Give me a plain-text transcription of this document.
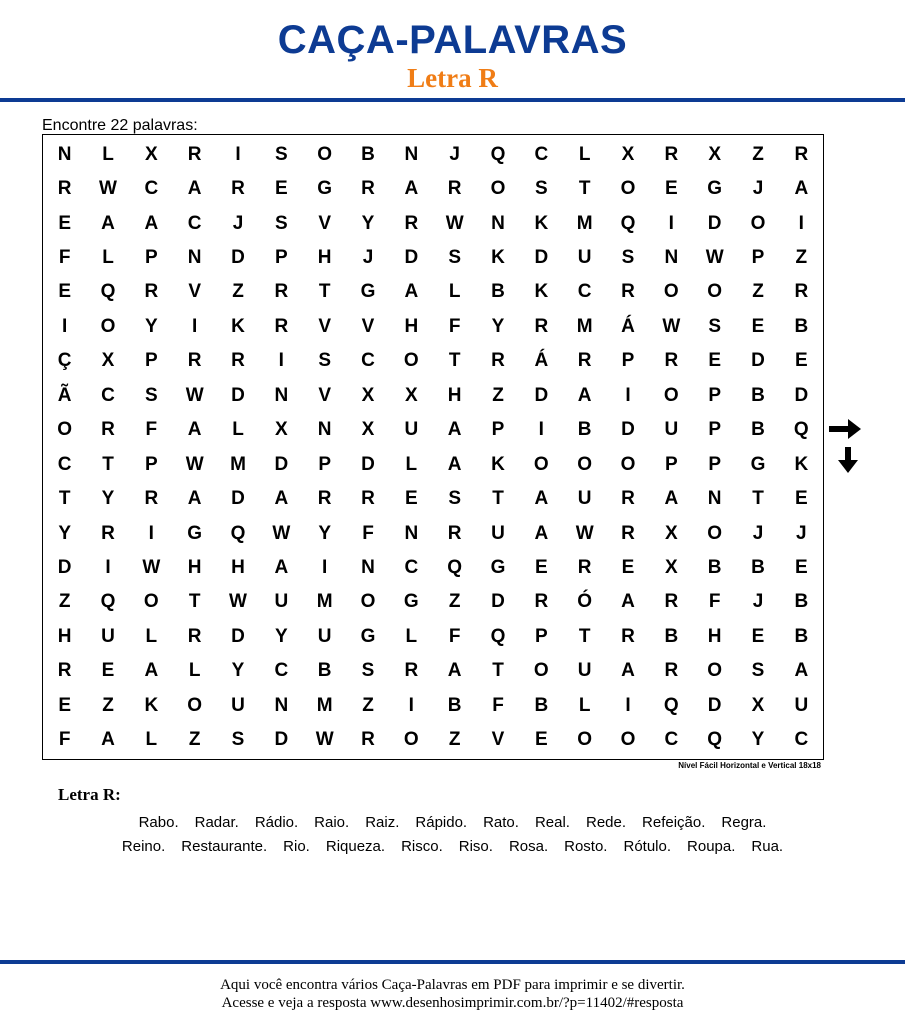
CAÇA-PALAVRAS
Letra R
Encontre 22 palavras:
N	L	X	R	I	S	O	B	N	J	Q	C	L	X	R	X	Z	R
R	W	C	A	R	E	G	R	A	R	O	S	T	O	E	G	J	A
E	A	A	C	J	S	V	Y	R	W	N	K	M	Q	I	D	O	I
F	L	P	N	D	P	H	J	D	S	K	D	U	S	N	W	P	Z
E	Q	R	V	Z	R	T	G	A	L	B	K	C	R	O	O	Z	R
I	O	Y	I	K	R	V	V	H	F	Y	R	M	Á	W	S	E	B
Ç	X	P	R	R	I	S	C	O	T	R	Á	R	P	R	E	D	E
Ã	C	S	W	D	N	V	X	X	H	Z	D	A	I	O	P	B	D
O	R	F	A	L	X	N	X	U	A	P	I	B	D	U	P	B	Q
C	T	P	W	M	D	P	D	L	A	K	O	O	O	P	P	G	K
T	Y	R	A	D	A	R	R	E	S	T	A	U	R	A	N	T	E
Y	R	I	G	Q	W	Y	F	N	R	U	A	W	R	X	O	J	J
D	I	W	H	H	A	I	N	C	Q	G	E	R	E	X	B	B	E
Z	Q	O	T	W	U	M	O	G	Z	D	R	Ó	A	R	F	J	B
H	U	L	R	D	Y	U	G	L	F	Q	P	T	R	B	H	E	B
R	E	A	L	Y	C	B	S	R	A	T	O	U	A	R	O	S	A
E	Z	K	O	U	N	M	Z	I	B	F	B	L	I	Q	D	X	U
F	A	L	Z	S	D	W	R	O	Z	V	E	O	O	C	Q	Y	C
Nível Fácil Horizontal e Vertical 18x18
Letra R:
Rabo.	Radar.	Rádio.	Raio.	Raiz.	Rápido.	Rato.	Real.	Rede.	Refeição.	Regra.
Reino.	Restaurante.	Rio.	Riqueza.	Risco.	Riso.	Rosa.	Rosto.	Rótulo.	Roupa.	Rua.
Aqui você encontra vários Caça-Palavras em PDF para imprimir e se divertir.
Acesse e veja a resposta www.desenhosimprimir.com.br/?p=11402/#resposta
